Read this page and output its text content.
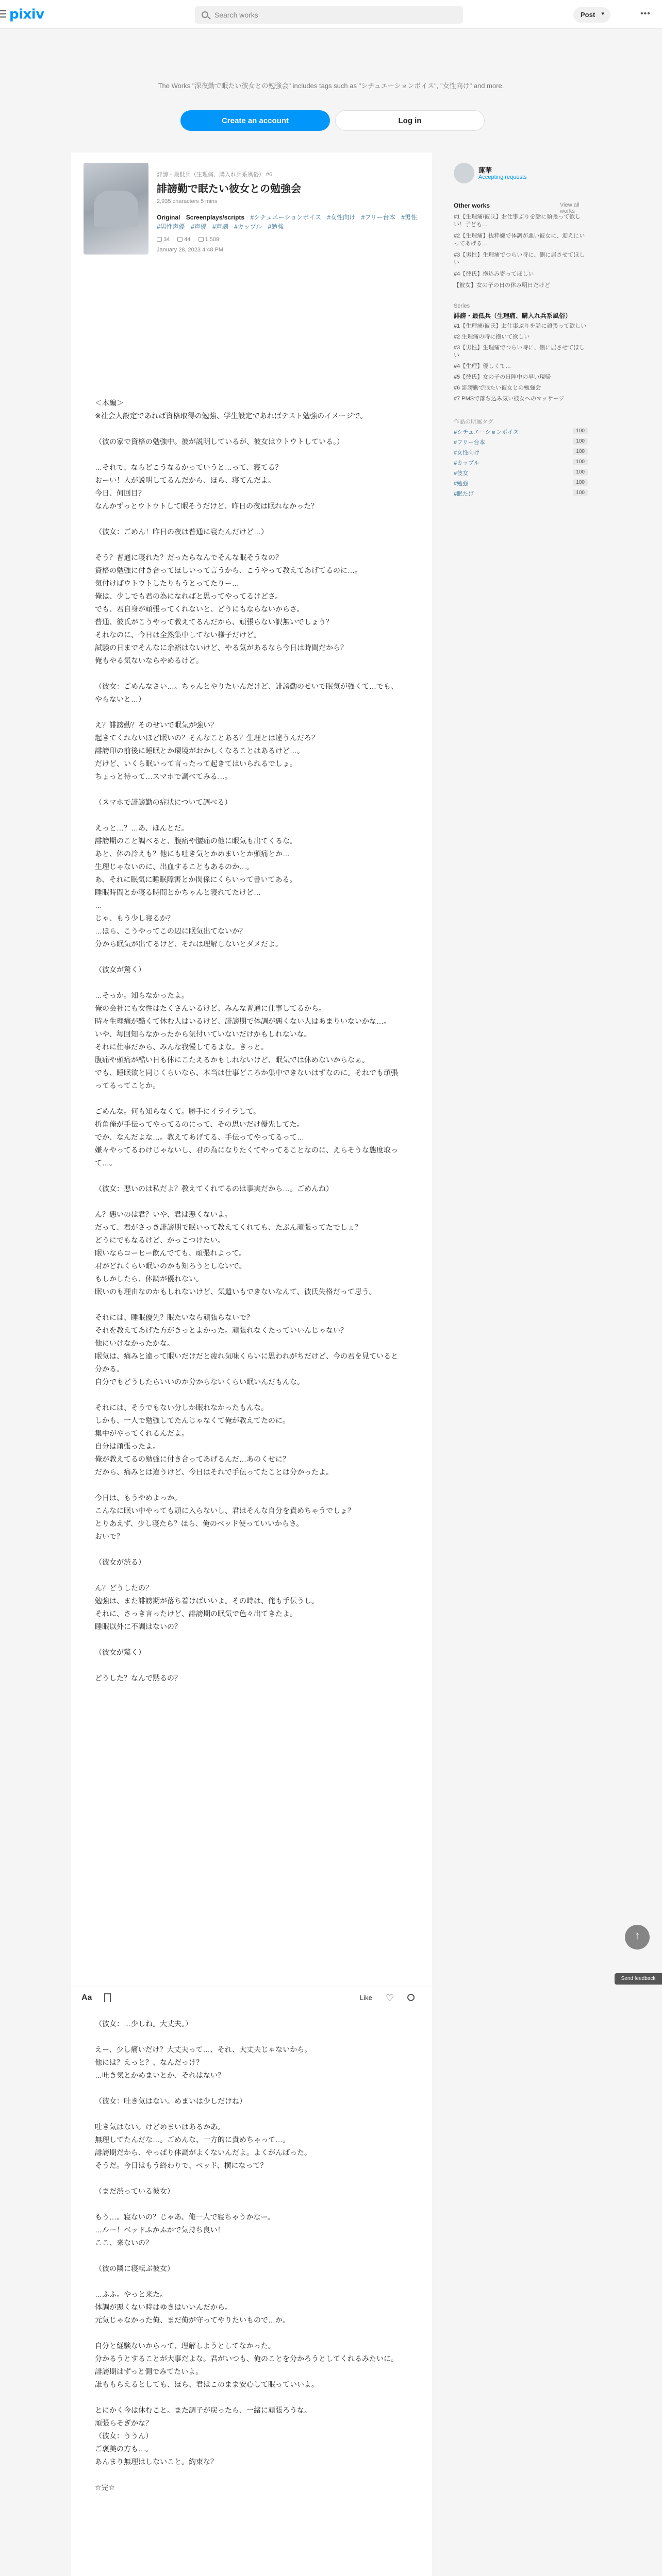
pixiv	Search works	Post ▾	•••
The Works "深夜勤で眠たい彼女との勉強会" includes tags such as "シチュエーションボイス", "女性向け" and more.
Create an account	Log in
誹謗・最低兵（生理痛、購入れ兵系風俗） #6
誹謗勤で眠たい彼女との勉強会
2,935 characters 5 mins
Original Screenplays/scripts #シチュエーションボイス #女性向け #フリー台本 #男性 #男性声優 #声優 #声劇 #カップル #勉強
34	44	1,509
January 28, 2023 4:48 PM

＜本編＞
※社会人設定であれば資格取得の勉強、学生設定であればテスト勉強のイメージで。

（彼の家で資格の勉強中。彼が説明しているが、彼女はウトウトしている。）

…それで、ならどこうなるかっていうと…って、寝てる？
おーい！人が説明してるんだから、ほら、寝てんだよ。
今日、何回目？
なんかずっとウトウトして眠そうだけど、昨日の夜は眠れなかった？

（彼女：ごめん！昨日の夜は普通に寝たんだけど…）

そう？普通に寝れた？だったらなんでそんな眠そうなの？
資格の勉強に付き合ってほしいって言うから、こうやって教えてあげてるのに…。
気付けばウトウトしたりもうとってたりー…
俺は、少しでも君の為になればと思ってやってるけどさ。
でも、君自身が頑張ってくれないと、どうにもならないからさ。
普通、彼氏がこうやって教えてるんだから、頑張らない訳無いでしょう？
それなのに、今日は全然集中してない様子だけど。
試験の日までそんなに余裕はないけど、やる気があるなら今日は時間だから？
俺もやる気ないならやめるけど。

（彼女：ごめんなさい…。ちゃんとやりたいんだけど、誹謗勤のせいで眠気が強くて…でも、やらないと…）

え？誹謗勤？そのせいで眠気が強い？
起きてくれないほど眠いの？そんなことある？生理とは違うんだろ？
誹謗印の前後に睡眠とか環境がおかしくなることはあるけど…。
だけど、いくら眠いって言ったって起きてはいられるでしょ。
ちょっと待って…スマホで調べてみる…。

（スマホで誹謗勤の症状について調べる）

えっと…？…あ、ほんとだ。
誹謗期のこと調べると、腹痛や腰痛の他に眠気も出てくるな。
あと、体の冷えも？他にも吐き気とかめまいとか頭痛とか…
生理じゃないのに、出血することもあるのか…。
あ、それに眠気に睡眠障害とか関係にくらいって書いてある。
睡眠時間とか寝る時間とかちゃんと寝れてたけど…
…
じゃ、もう少し寝るか？
…ほら、こうやってこの辺に眠気出てないか？
分から眠気が出てるけど、それは理解しないとダメだよ。

（彼女が驚く）

…そっか。知らなかったよ。
俺の会社にも女性はたくさんいるけど、みんな普通に仕事してるから。
時々生理痛が酷くて休む人はいるけど、誹謗期で体調が悪くない人はあまりいないかな…。
いや、毎回知らなかったから気付いていないだけかもしれないな。
それに仕事だから、みんな我慢してるよな。きっと。
腹痛や頭痛が酷い日も体にこたえるかもしれないけど、眠気では休めないからなぁ。
でも、睡眠欲と同じくらいなら、本当は仕事どころか集中できないはずなのに。それでも頑張ってるってことか。

ごめんな。何も知らなくて。勝手にイライラして。
折角俺が手伝ってやってるのにって、その思いだけ優先してた。
でか、なんだよな…。教えてあげてる、手伝ってやってるって…
嫌々やってるわけじゃないし、君の為になりたくてやってることなのに、えらそうな態度取って…。

（彼女：悪いのは私だよ？教えてくれてるのは事実だから…。ごめんね）

ん？悪いのは君？いや、君は悪くないよ。
だって、君がさっき誹謗期で眠いって教えてくれても、たぶん頑張ってたでしょ？
どうにでもなるけど、かっこつけたい。
眠いならコーヒー飲んでても、頑張れよって。
君がどれくらい眠いのかも知ろうとしないで。
もしかしたら、体調が優れない。
眠いのも理由なのかもしれないけど、気遣いもできないなんて、彼氏失格だって思う。

それには、睡眠優先？眠たいなら頑張らないで？
それを教えてあげた方がきっとよかった。頑張れなくたっていいんじゃない？
他にいけなかったかな。
眠気は、痛みと違って眠いだけだと疲れ気味くらいに思われがちだけど、今の君を見ていると分かる。
自分でもどうしたらいいのか分からないくらい眠いんだもんな。

それには、そうでもない分しか眠れなかったもんな。
しかも、一人で勉強してたんじゃなくて俺が教えてたのに。
集中がやってくれるんだよ。
自分は頑張ったよ。
俺が教えてるの勉強に付き合ってあげるんだ…あのくせに？
だから、痛みとは違うけど、今日はそれで手伝ってたことは分かったよ。

今日は、もうやめよっか。
こんなに眠い中やっても頭に入らないし、君はそんな自分を責めちゃうでしょ？
とりあえず、少し寝たら？ほら、俺のベッド使っていいからさ。
おいで？

（彼女が渋る）

ん？どうしたの？
勉強は、また誹謗期が落ち着けばいいよ。その時は、俺も手伝うし。
それに、さっき言ったけど、誹謗期の眠気で色々出てきたよ。
睡眠以外に不調はないの？

（彼女が驚く）

どうした？なんで黙るの？

Aa	Like ♡

（彼女：…少しね。大丈夫。）

えー、少し痛いだけ？大丈夫って…、それ、大丈夫じゃないから。
他には？えっと？、なんだっけ？
…吐き気とかめまいとか、それはない？

（彼女：吐き気はない。めまいは少しだけね）

吐き気はない。けどめまいはあるかあ。
無理してたんだな…。ごめんな、一方的に責めちゃって…。
誹謗期だから、やっぱり体調がよくないんだよ。よくがんばった。
そうだ。今日はもう終わりで、ベッド、横になって？

（まだ渋っている彼女）

もう…。寝ないの？じゃあ、俺一人で寝ちゃうかなー。
…ルー！ベッドふかふかで気持ち良い！
ここ、来ないの？

（彼の隣に寝転ぶ彼女）

…ふふ。やっと来た。
体調が悪くない時はゆきはいいんだから。
元気じゃなかった俺、まだ俺が守ってやりたいもので…か。

自分と経験ないからって、理解しようとしてなかった。
分かるうとすることが大事だよな。君がいつも、俺のことを分かろうとしてくれるみたいに。
誹謗期はずっと側でみてたいよ。
誰ももらえるとしても、ほら、君はこのまま安心して眠っていいよ。

とにかく今は休むこと。また調子が戻ったら、一緒に頑張ろうな。
頑張らそぎかな？
（彼女：ううん）
ご褒美の方も…。
あんまり無理はしないこと。約束な？

☆完☆

蓮華
Accepting requests
Other works	View all works
#1【生理痛/彼氏】お仕事ぶりを話に頑張って欲しい！子ども…
#2【生理痛】抜粋嫌で体調が悪い彼女に、迎えにいってあげる…
#3【男性】生理痛でつらい時に、側に居させてほしい
#4【彼氏】抱込み寄ってほしい
【彼女】女の子の日の休み明日だけど
Series
誹謗・最低兵（生理痛、購入れ兵系風俗）
#1【生理痛/彼氏】お仕事ぶりを話に頑張って欲しい
#2 生理痛の時に抱いて欲しい
#3【男性】生理痛でつらい時に、側に居させてほしい
#4【生理】優しくて…
#5【彼氏】女の子の日陣中の早い現帰
#6 誹謗勤で眠たい彼女との勉強会
#7 PMSで落ち込み気い彼女へのマッサージ
作品の所属タグ
#シチュエーションボイス	100
#フリー台本	100
#女性向け	100
#カップル	100
#彼女	100
#勉強	100
#眠たげ	100
↑
Send feedback
